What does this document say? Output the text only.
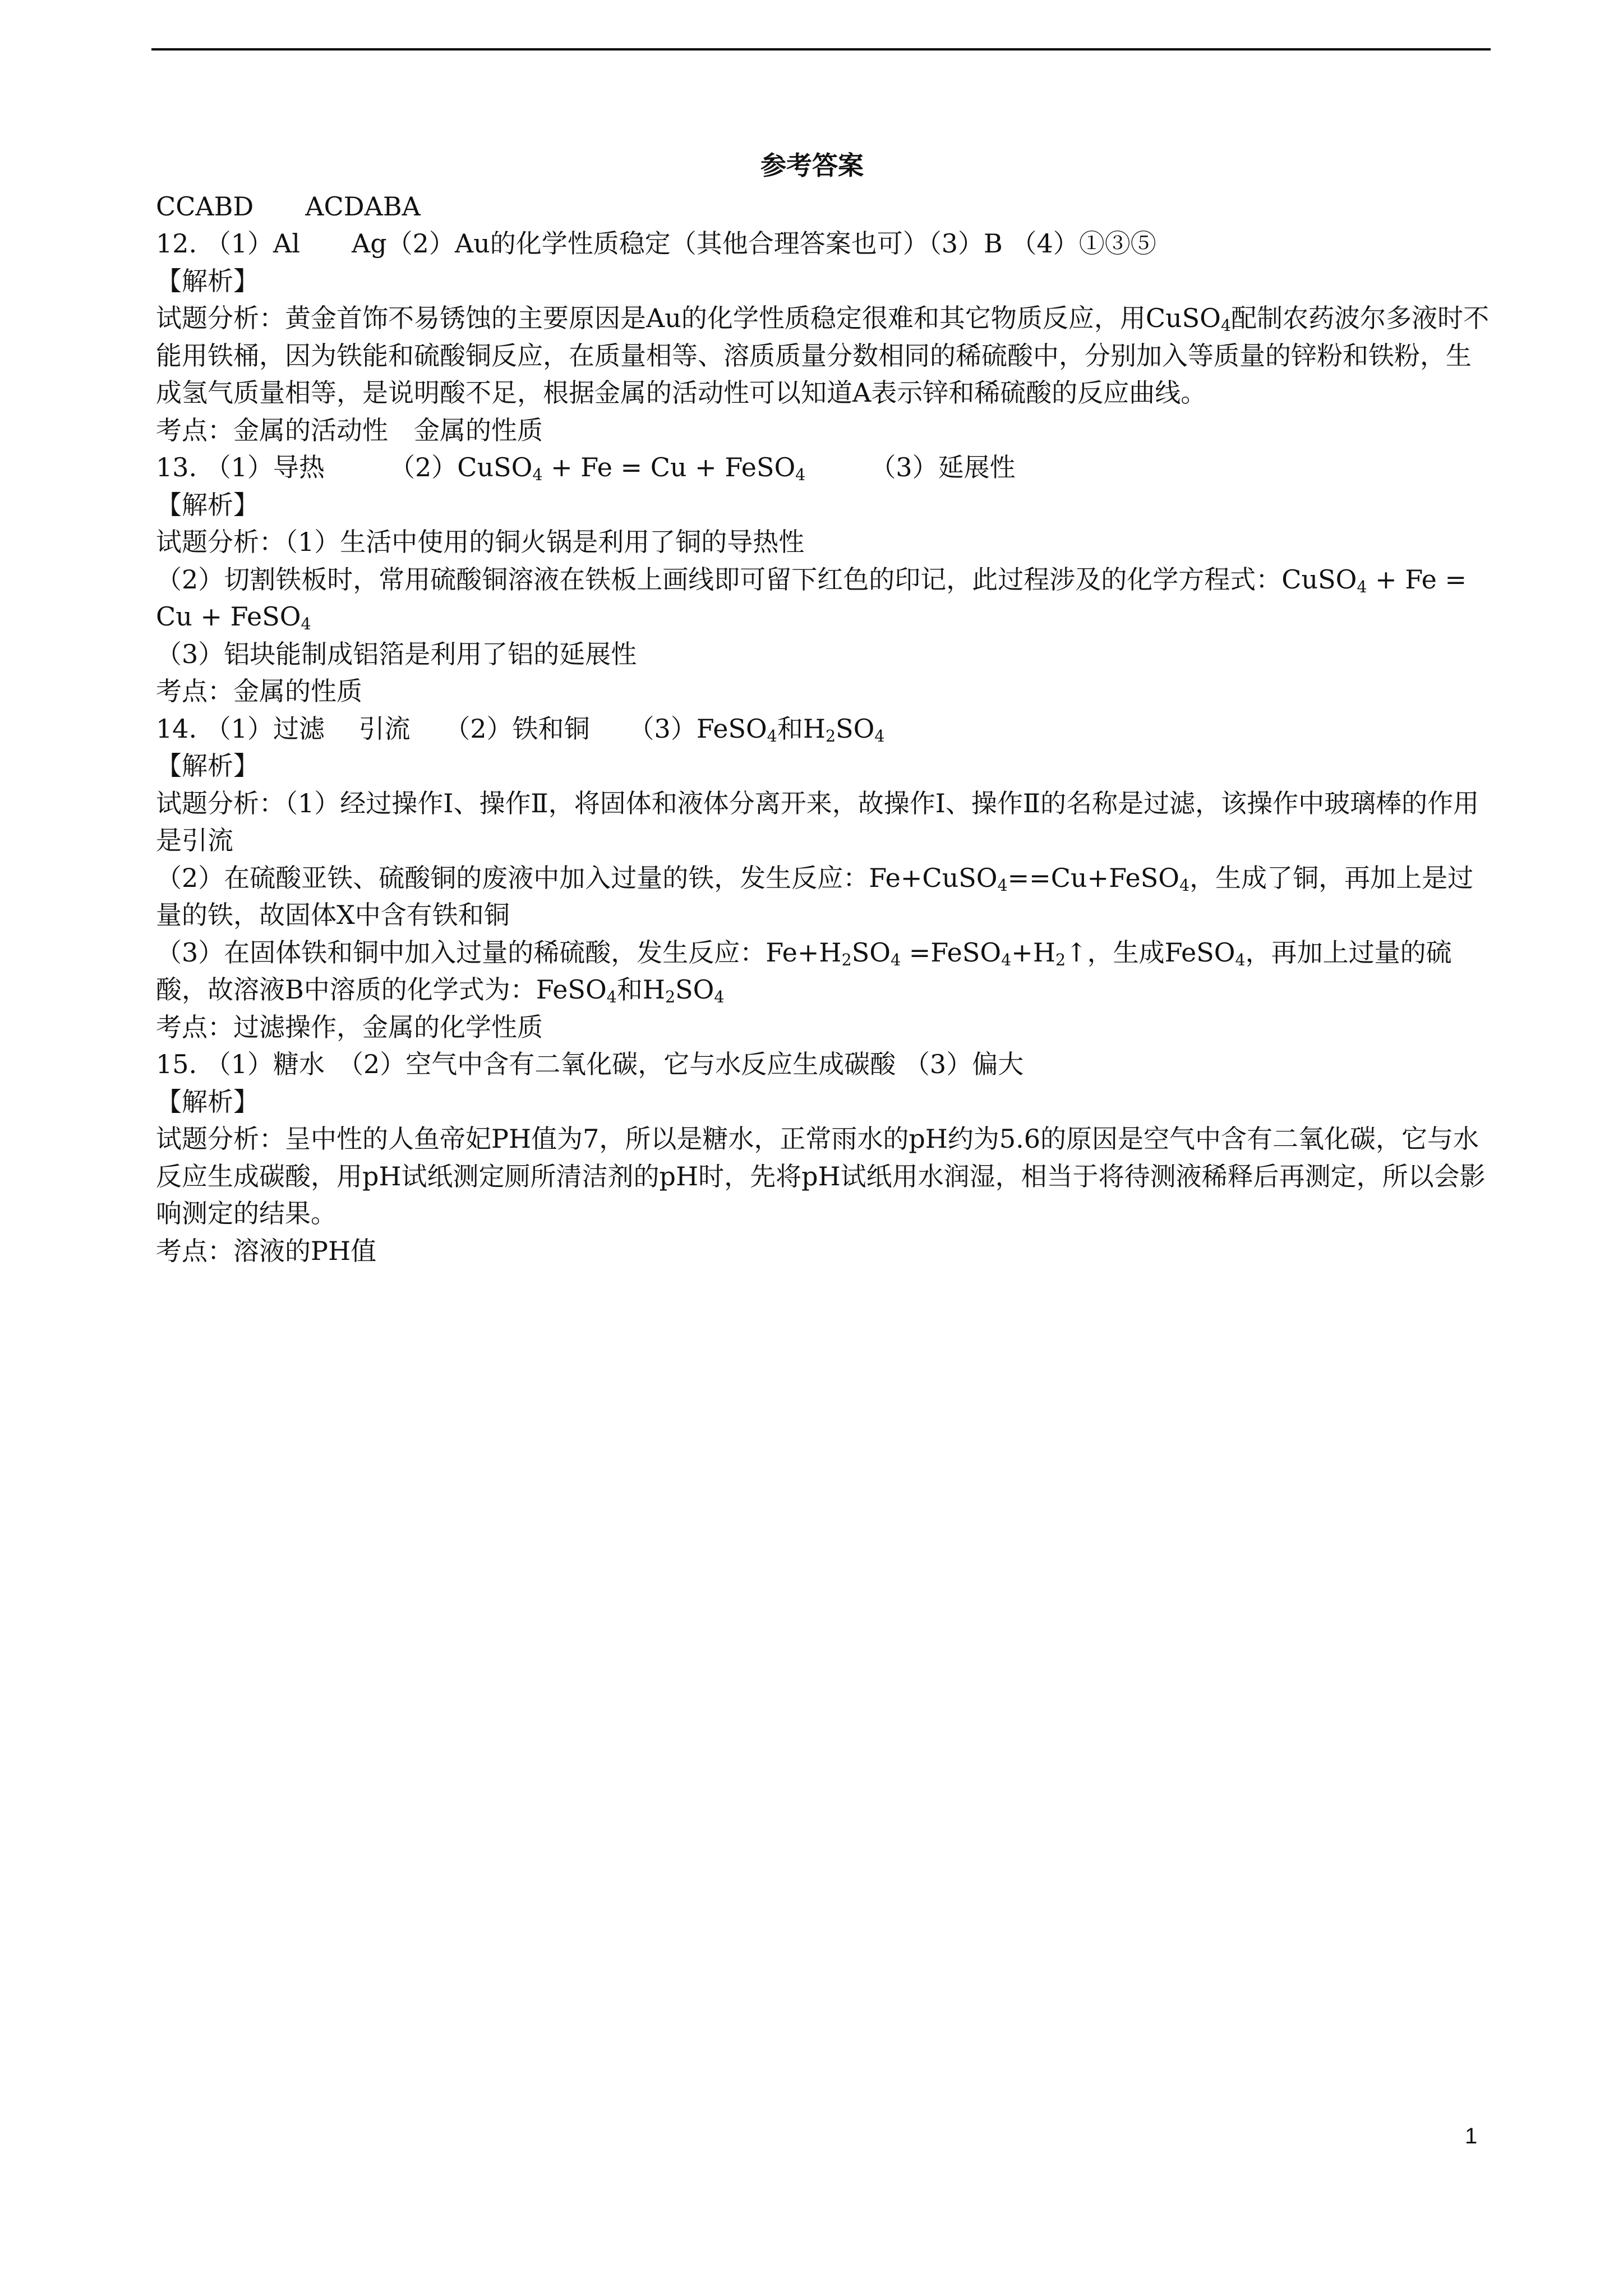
参考答案
CCABD　　ACDABA
12. （1）Al　　Ag（2）Au的化学性质稳定（其他合理答案也可）（3）B （4）①③⑤
【解析】
试题分析：黄金首饰不易锈蚀的主要原因是Au的化学性质稳定很难和其它物质反应，用CuSO$_4$配制农药波尔多液时不能用铁桶，因为铁能和硫酸铜反应，在质量相等、溶质质量分数相同的稀硫酸中，分别加入等质量的锌粉和铁粉，生成氢气质量相等，是说明酸不足，根据金属的活动性可以知道A表示锌和稀硫酸的反应曲线。
考点：金属的活动性　金属的性质
13. （1）导热　　　（2）CuSO$_4$ + Fe = Cu + FeSO$_4$　　　（3）延展性
【解析】
试题分析：（1）生活中使用的铜火锅是利用了铜的导热性
（2）切割铁板时，常用硫酸铜溶液在铁板上画线即可留下红色的印记，此过程涉及的化学方程式：CuSO$_4$ + Fe = Cu + FeSO$_4$
（3）铝块能制成铝箔是利用了铝的延展性
考点：金属的性质
14. （1）过滤　 引流　 （2）铁和铜　　（3）FeSO$_4$和$H_2SO_4$
【解析】
试题分析：（1）经过操作Ⅰ、操作Ⅱ，将固体和液体分离开来，故操作Ⅰ、操作Ⅱ的名称是过滤，该操作中玻璃棒的作用是引流
（2）在硫酸亚铁、硫酸铜的废液中加入过量的铁，发生反应：Fe+CuSO$_4$==Cu+FeSO$_4$，生成了铜，再加上是过量的铁，故固体X中含有铁和铜
（3）在固体铁和铜中加入过量的稀硫酸，发生反应：$Fe+H_2SO_4$ $=FeSO_4+H_2↑$，生成FeSO$_4$，再加上过量的硫酸，故溶液B中溶质的化学式为：FeSO$_4$和$H_2SO_4$
考点：过滤操作，金属的化学性质
15. （1）糖水　（2）空气中含有二氧化碳，它与水反应生成碳酸 （3）偏大
【解析】
试题分析：呈中性的人鱼帝妃PH值为7，所以是糖水，正常雨水的pH约为5.6的原因是空气中含有二氧化碳，它与水反应生成碳酸，用pH试纸测定厕所清洁剂的pH时，先将pH试纸用水润湿，相当于将待测液稀释后再测定，所以会影响测定的结果。
考点：溶液的PH值
1
